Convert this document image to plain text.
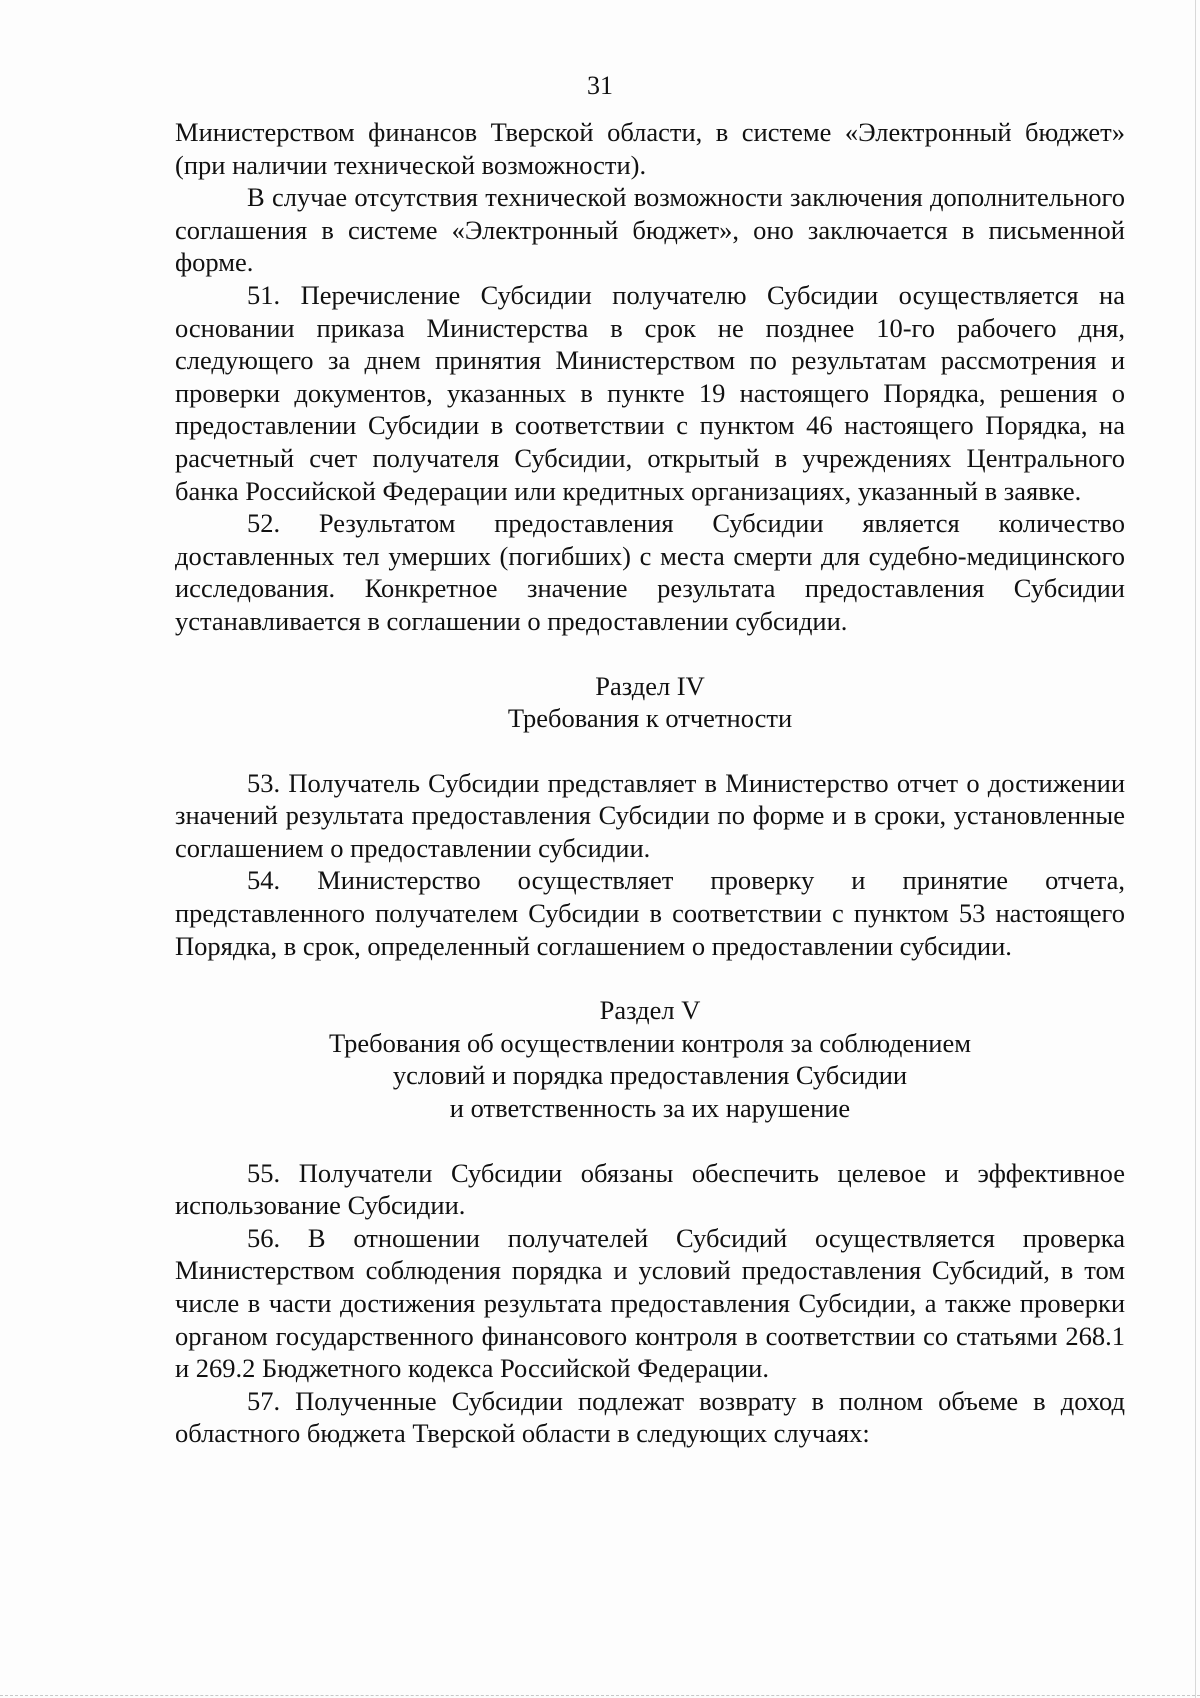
31

Министерством финансов Тверской области, в системе «Электронный бюджет» (при наличии технической возможности).

В случае отсутствия технической возможности заключения дополнительного соглашения в системе «Электронный бюджет», оно заключается в письменной форме.

51. Перечисление Субсидии получателю Субсидии осуществляется на основании приказа Министерства в срок не позднее 10-го рабочего дня, следующего за днем принятия Министерством по результатам рассмотрения и проверки документов, указанных в пункте 19 настоящего Порядка, решения о предоставлении Субсидии в соответствии с пунктом 46 настоящего Порядка, на расчетный счет получателя Субсидии, открытый в учреждениях Центрального банка Российской Федерации или кредитных организациях, указанный в заявке.

52. Результатом предоставления Субсидии является количество доставленных тел умерших (погибших) с места смерти для судебно-медицинского исследования. Конкретное значение результата предоставления Субсидии устанавливается в соглашении о предоставлении субсидии.

Раздел IV

Требования к отчетности

53. Получатель Субсидии представляет в Министерство отчет о достижении значений результата предоставления Субсидии по форме и в сроки, установленные соглашением о предоставлении субсидии.

54. Министерство осуществляет проверку и принятие отчета, представленного получателем Субсидии в соответствии с пунктом 53 настоящего Порядка, в срок, определенный соглашением о предоставлении субсидии.

Раздел V

Требования об осуществлении контроля за соблюдением

условий и порядка предоставления Субсидии

и ответственность за их нарушение

55. Получатели Субсидии обязаны обеспечить целевое и эффективное использование Субсидии.

56. В отношении получателей Субсидий осуществляется проверка Министерством соблюдения порядка и условий предоставления Субсидий, в том числе в части достижения результата предоставления Субсидии, а также проверки органом государственного финансового контроля в соответствии со статьями 268.1 и 269.2 Бюджетного кодекса Российской Федерации.

57. Полученные Субсидии подлежат возврату в полном объеме в доход областного бюджета Тверской области в следующих случаях:
